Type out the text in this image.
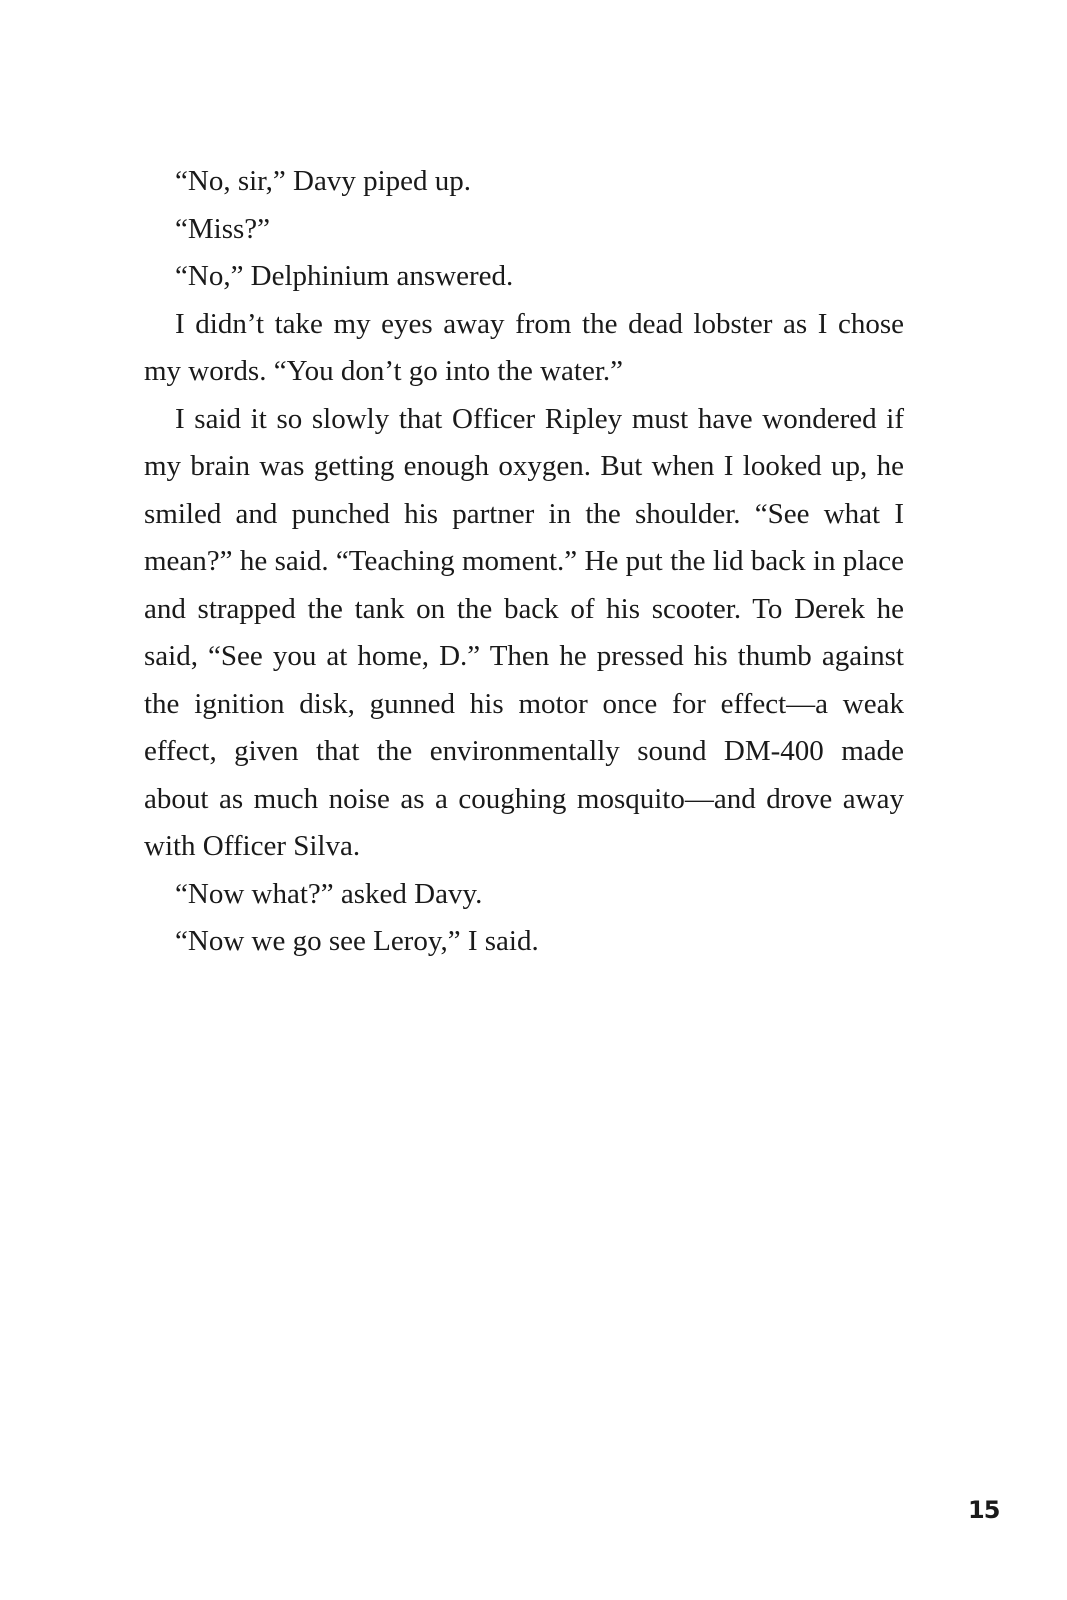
“No, sir,” Davy piped up.

“Miss?”

“No,” Delphinium answered.

I didn’t take my eyes away from the dead lobster as I chose my words. “You don’t go into the water.”

I said it so slowly that Officer Ripley must have wondered if my brain was getting enough oxygen. But when I looked up, he smiled and punched his partner in the shoulder. “See what I mean?” he said. “Teaching moment.” He put the lid back in place and strapped the tank on the back of his scooter. To Derek he said, “See you at home, D.” Then he pressed his thumb against the ignition disk, gunned his motor once for effect—a weak effect, given that the environmentally sound DM-400 made about as much noise as a coughing mosquito—and drove away with Officer Silva.

“Now what?” asked Davy.

“Now we go see Leroy,” I said.

15
